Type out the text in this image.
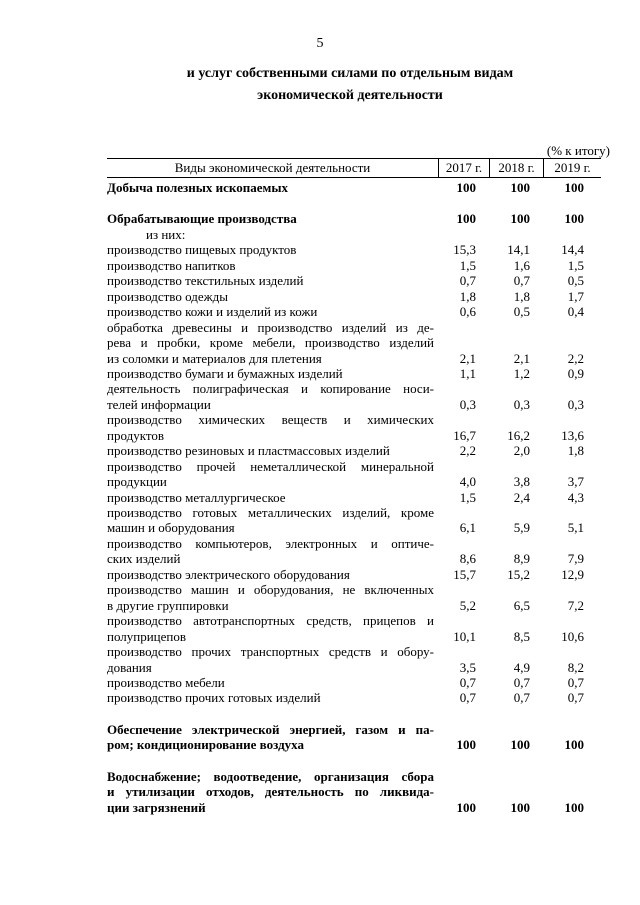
5
и услуг собственными силами по отдельным видам
экономической деятельности
(% к итогу)
Виды экономической деятельности	2017 г.	2018 г.	2019 г.
Добыча полезных ископаемых	100	100	100
Обрабатывающие производства	100	100	100
из них:
производство пищевых продуктов	15,3	14,1	14,4
производство напитков	1,5	1,6	1,5
производство текстильных изделий	0,7	0,7	0,5
производство одежды	1,8	1,8	1,7
производство кожи и изделий из кожи	0,6	0,5	0,4
обработка древесины и производство изделий из де-
рева и пробки, кроме мебели, производство изделий
из соломки и материалов для плетения	2,1	2,1	2,2
производство бумаги и бумажных изделий	1,1	1,2	0,9
деятельность полиграфическая и копирование носи-
телей информации	0,3	0,3	0,3
производство химических веществ и химических
продуктов	16,7	16,2	13,6
производство резиновых и пластмассовых изделий	2,2	2,0	1,8
производство прочей неметаллической минеральной
продукции	4,0	3,8	3,7
производство металлургическое	1,5	2,4	4,3
производство готовых металлических изделий, кроме
машин и оборудования	6,1	5,9	5,1
производство компьютеров, электронных и оптиче-
ских изделий	8,6	8,9	7,9
производство электрического оборудования	15,7	15,2	12,9
производство машин и оборудования, не включенных
в другие группировки	5,2	6,5	7,2
производство автотранспортных средств, прицепов и
полуприцепов	10,1	8,5	10,6
производство прочих транспортных средств и обору-
дования	3,5	4,9	8,2
производство мебели	0,7	0,7	0,7
производство прочих готовых изделий	0,7	0,7	0,7
Обеспечение электрической энергией, газом и па-
ром; кондиционирование воздуха	100	100	100
Водоснабжение; водоотведение, организация сбора
и утилизации отходов, деятельность по ликвида-
ции загрязнений	100	100	100
